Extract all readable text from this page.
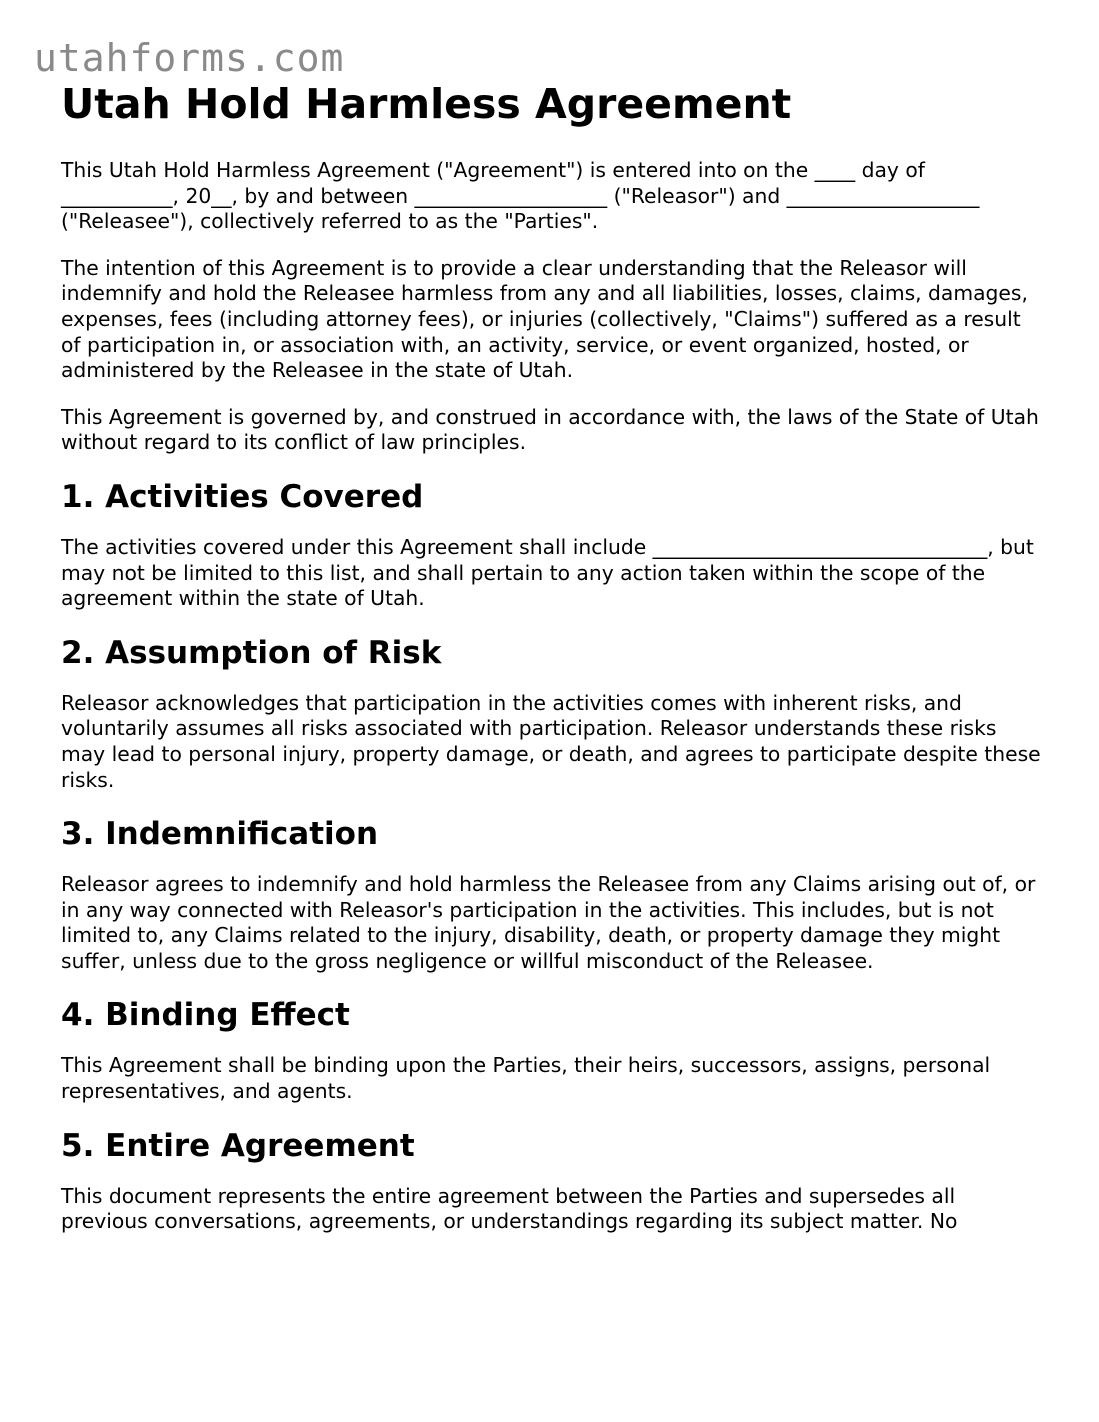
utahforms.com
Utah Hold Harmless Agreement

This Utah Hold Harmless Agreement ("Agreement") is entered into on the ____ day of ___________, 20__, by and between ___________________ ("Releasor") and ___________________ ("Releasee"), collectively referred to as the "Parties".

The intention of this Agreement is to provide a clear understanding that the Releasor will indemnify and hold the Releasee harmless from any and all liabilities, losses, claims, damages, expenses, fees (including attorney fees), or injuries (collectively, "Claims") suffered as a result of participation in, or association with, an activity, service, or event organized, hosted, or administered by the Releasee in the state of Utah.

This Agreement is governed by, and construed in accordance with, the laws of the State of Utah without regard to its conflict of law principles.

1. Activities Covered

The activities covered under this Agreement shall include _________________________________, but may not be limited to this list, and shall pertain to any action taken within the scope of the agreement within the state of Utah.

2. Assumption of Risk

Releasor acknowledges that participation in the activities comes with inherent risks, and voluntarily assumes all risks associated with participation. Releasor understands these risks may lead to personal injury, property damage, or death, and agrees to participate despite these risks.

3. Indemnification

Releasor agrees to indemnify and hold harmless the Releasee from any Claims arising out of, or in any way connected with Releasor's participation in the activities. This includes, but is not limited to, any Claims related to the injury, disability, death, or property damage they might suffer, unless due to the gross negligence or willful misconduct of the Releasee.

4. Binding Effect

This Agreement shall be binding upon the Parties, their heirs, successors, assigns, personal representatives, and agents.

5. Entire Agreement

This document represents the entire agreement between the Parties and supersedes all previous conversations, agreements, or understandings regarding its subject matter. No
